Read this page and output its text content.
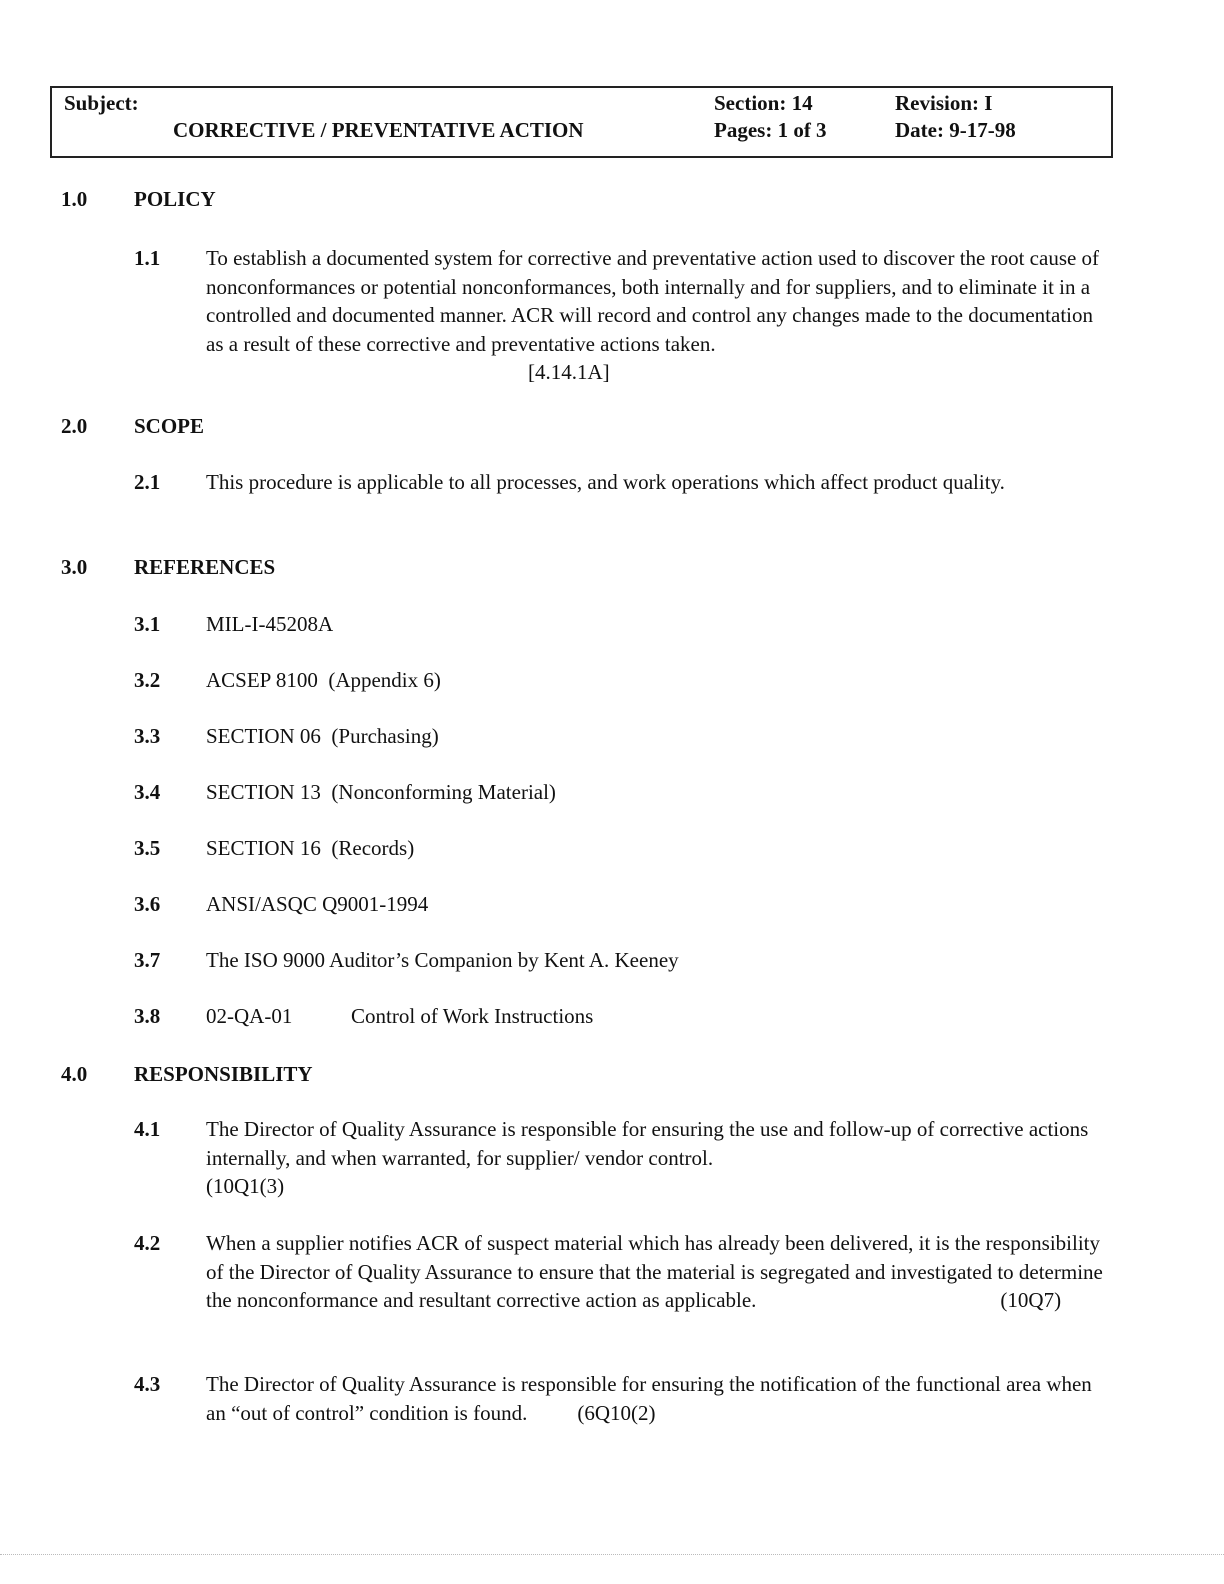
Subject:
CORRECTIVE / PREVENTATIVE ACTION
Section: 14
Pages: 1 of 3
Revision: I
Date: 9-17-98
1.0 POLICY
1.1 To establish a documented system for corrective and preventative action used to discover the root cause of nonconformances or potential nonconformances, both internally and for suppliers, and to eliminate it in a controlled and documented manner. ACR will record and control any changes made to the documentation as a result of these corrective and preventative actions taken.[4.14.1A]
2.0 SCOPE
2.1 This procedure is applicable to all processes, and work operations which affect product quality.
3.0 REFERENCES
3.1 MIL-I-45208A
3.2 ACSEP 8100  (Appendix 6)
3.3 SECTION 06  (Purchasing)
3.4 SECTION 13  (Nonconforming Material)
3.5 SECTION 16  (Records)
3.6 ANSI/ASQC Q9001-1994
3.7 The ISO 9000 Auditor’s Companion by Kent A. Keeney
3.8 02-QA-01	Control of Work Instructions
4.0 RESPONSIBILITY
4.1 The Director of Quality Assurance is responsible for ensuring the use and follow-up of corrective actions internally, and when warranted, for supplier/ vendor control.
(10Q1(3)
4.2 When a supplier notifies ACR of suspect material which has already been delivered, it is the responsibility of the Director of Quality Assurance to ensure that the material is segregated and investigated to determine the nonconformance and resultant corrective action as applicable.	(10Q7)
4.3 The Director of Quality Assurance is responsible for ensuring the notification of the functional area when an “out of control” condition is found. (6Q10(2)
